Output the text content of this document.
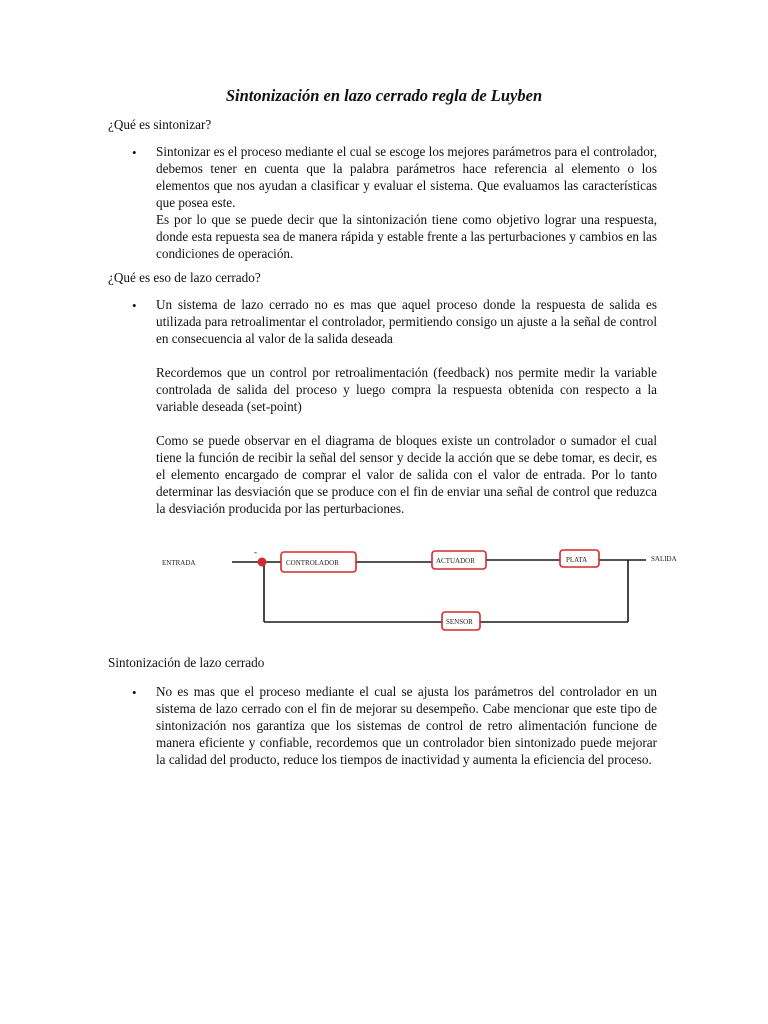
Sintonización en lazo cerrado regla de Luyben
¿Qué es sintonizar?
• Sintonizar es el proceso mediante el cual se escoge los mejores parámetros para el controlador, debemos tener en cuenta que la palabra parámetros hace referencia al elemento o los elementos que nos ayudan a clasificar y evaluar el sistema. Que evaluamos las características que posea este.
Es por lo que se puede decir que la sintonización tiene como objetivo lograr una respuesta, donde esta repuesta sea de manera rápida y estable frente a las perturbaciones y cambios en las condiciones de operación.
¿Qué es eso de lazo cerrado?
• Un sistema de lazo cerrado no es mas que aquel proceso donde la respuesta de salida es utilizada para retroalimentar el controlador, permitiendo consigo un ajuste a la señal de control en consecuencia al valor de la salida deseada

Recordemos que un control por retroalimentación (feedback) nos permite medir la variable controlada de salida del proceso y luego compra la respuesta obtenida con respecto a la variable deseada (set-point)

Como se puede observar en el diagrama de bloques existe un controlador o sumador el cual tiene la función de recibir la señal del sensor y decide la acción que se debe tomar, es decir, es el elemento encargado de comprar el valor de salida con el valor de entrada. Por lo tanto determinar las desviación que se produce con el fin de enviar una señal de control que reduzca la desviación producida por las perturbaciones.

-
ENTRADA	CONTROLADOR	ACTUADOR	PLATA
SENSOR
SALIDA
Sintonización de lazo cerrado
• No es mas que el proceso mediante el cual se ajusta los parámetros del controlador en un sistema de lazo cerrado con el fin de mejorar su desempeño. Cabe mencionar que este tipo de sintonización nos garantiza que los sistemas de control de retro alimentación funcione de manera eficiente y confiable, recordemos que un controlador bien sintonizado puede mejorar la calidad del producto, reduce los tiempos de inactividad y aumenta la eficiencia del proceso.
